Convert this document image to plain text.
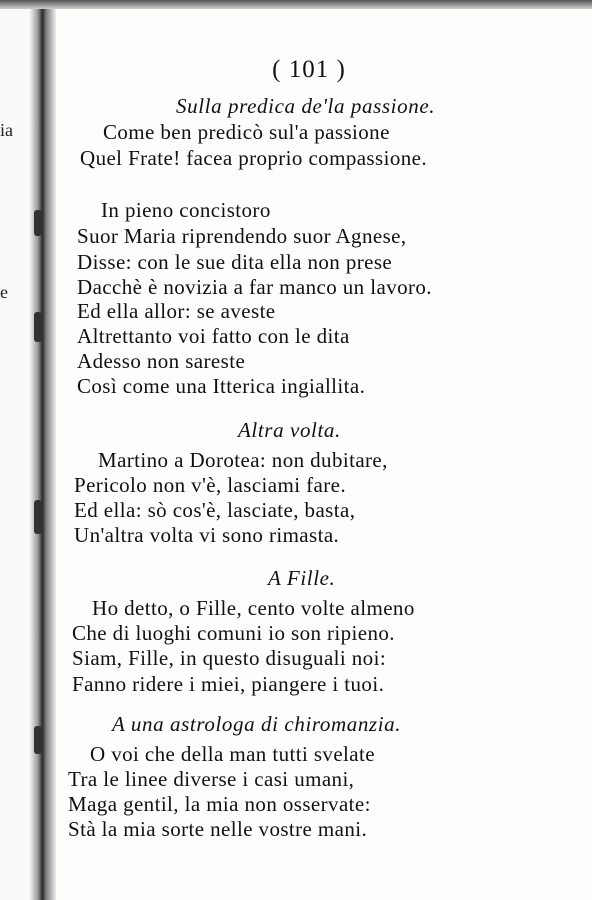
ia
e
( 101 )
Sulla predica de'la passione.
Come ben predicò sul'a passione
Quel Frate! facea proprio compassione.
In pieno concistoro
Suor Maria riprendendo suor Agnese,
Disse: con le sue dita ella non prese
Dacchè è novizia a far manco un lavoro.
Ed ella allor: se aveste
Altrettanto voi fatto con le dita
Adesso non sareste
Così come una Itterica ingiallita.
Altra volta.
Martino a Dorotea: non dubitare,
Pericolo non v'è, lasciami fare.
Ed ella: sò cos'è, lasciate, basta,
Un'altra volta vi sono rimasta.
A Fille.
Ho detto, o Fille, cento volte almeno
Che di luoghi comuni io son ripieno.
Siam, Fille, in questo disuguali noi:
Fanno ridere i miei, piangere i tuoi.
A una astrologa di chiromanzia.
O voi che della man tutti svelate
Tra le linee diverse i casi umani,
Maga gentil, la mia non osservate:
Stà la mia sorte nelle vostre mani.
